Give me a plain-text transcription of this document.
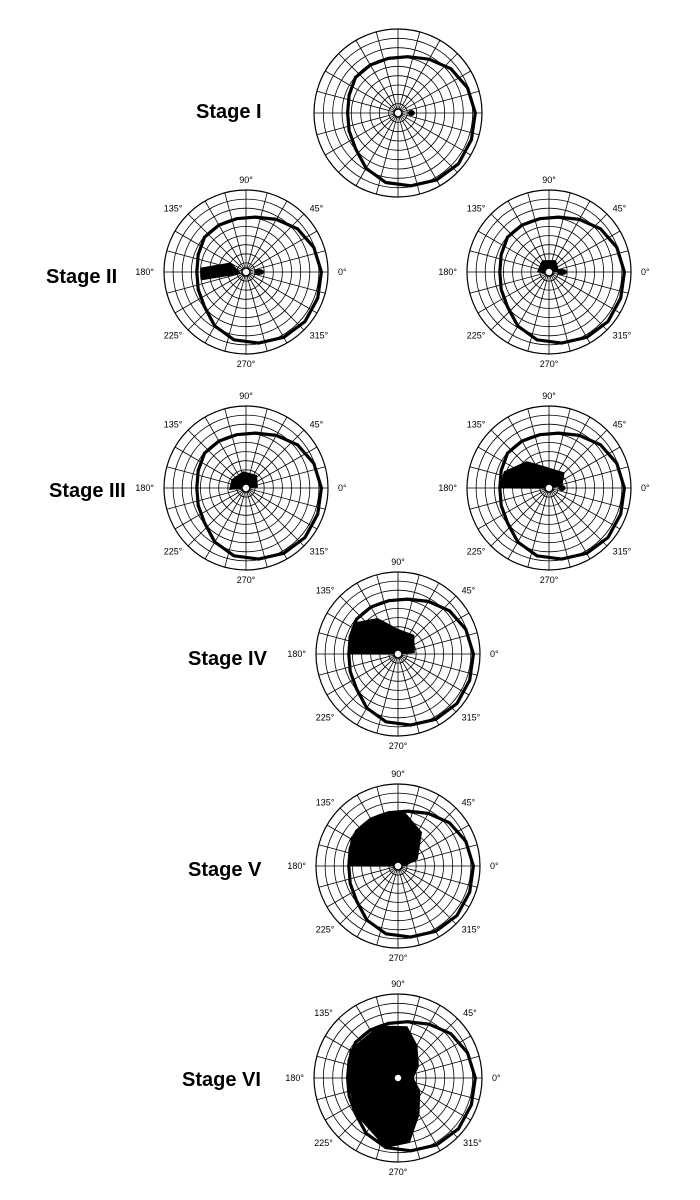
Stage I
Stage II
90°
45°
0°
315°
270°
225°
180°
135°
90°
45°
0°
315°
270°
225°
180°
135°
Stage III
90°
45°
0°
315°
270°
225°
180°
135°
90°
45°
0°
315°
270°
225°
180°
135°
Stage IV
90°
45°
0°
315°
270°
225°
180°
135°
Stage V
90°
45°
0°
315°
270°
225°
180°
135°
Stage VI
90°
45°
0°
315°
270°
225°
180°
135°
